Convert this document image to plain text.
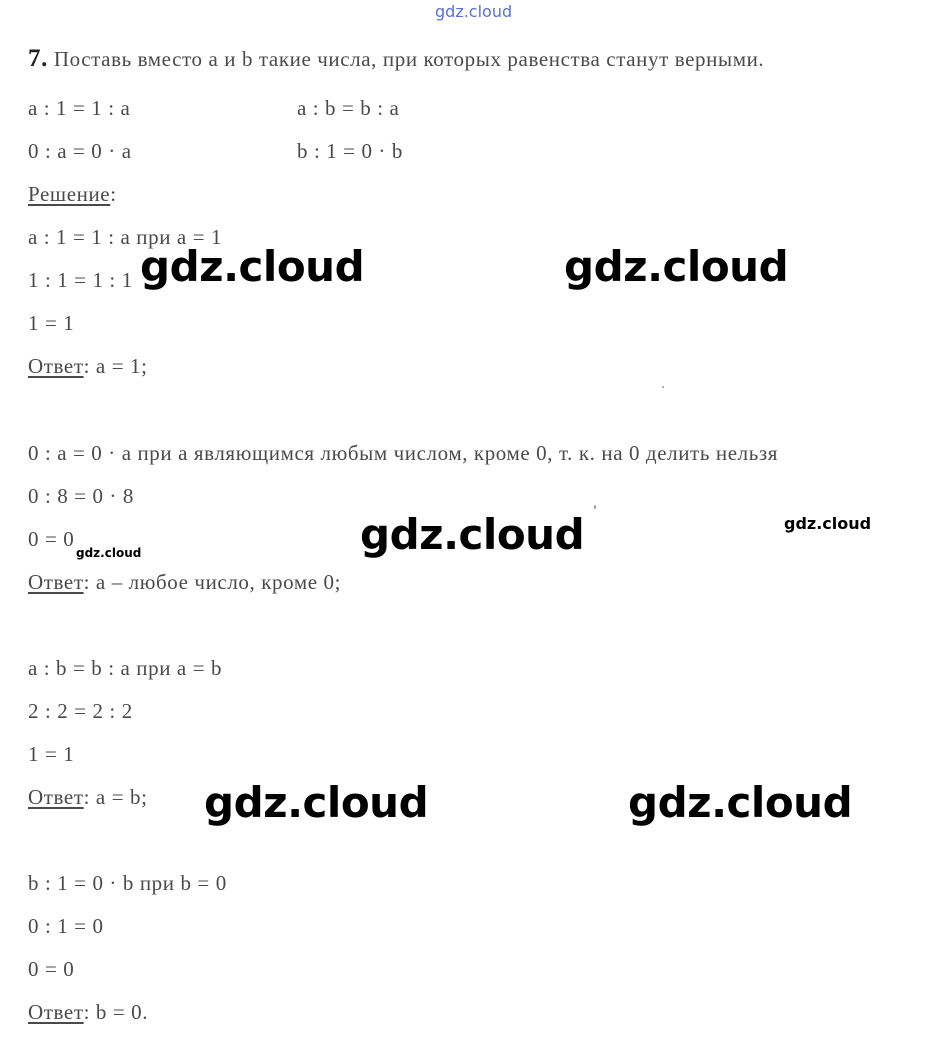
gdz.cloud
7. Поставь вместо a и b такие числа, при которых равенства станут верными.
a : 1 = 1 : a	a : b = b : a
0 : a = 0 · a	b : 1 = 0 · b
Решение:
a : 1 = 1 : a при a = 1
1 : 1 = 1 : 1
1 = 1
Ответ: a = 1;
0 : a = 0 · a при a являющимся любым числом, кроме 0, т. к. на 0 делить нельзя
0 : 8 = 0 · 8
0 = 0
Ответ: a – любое число, кроме 0;
a : b = b : a при a = b
2 : 2 = 2 : 2
1 = 1
Ответ: a = b;
b : 1 = 0 · b при b = 0
0 : 1 = 0
0 = 0
Ответ: b = 0.
gdz.cloud	gdz.cloud
gdz.cloud	gdz.cloud
gdz.cloud
gdz.cloud	gdz.cloud
